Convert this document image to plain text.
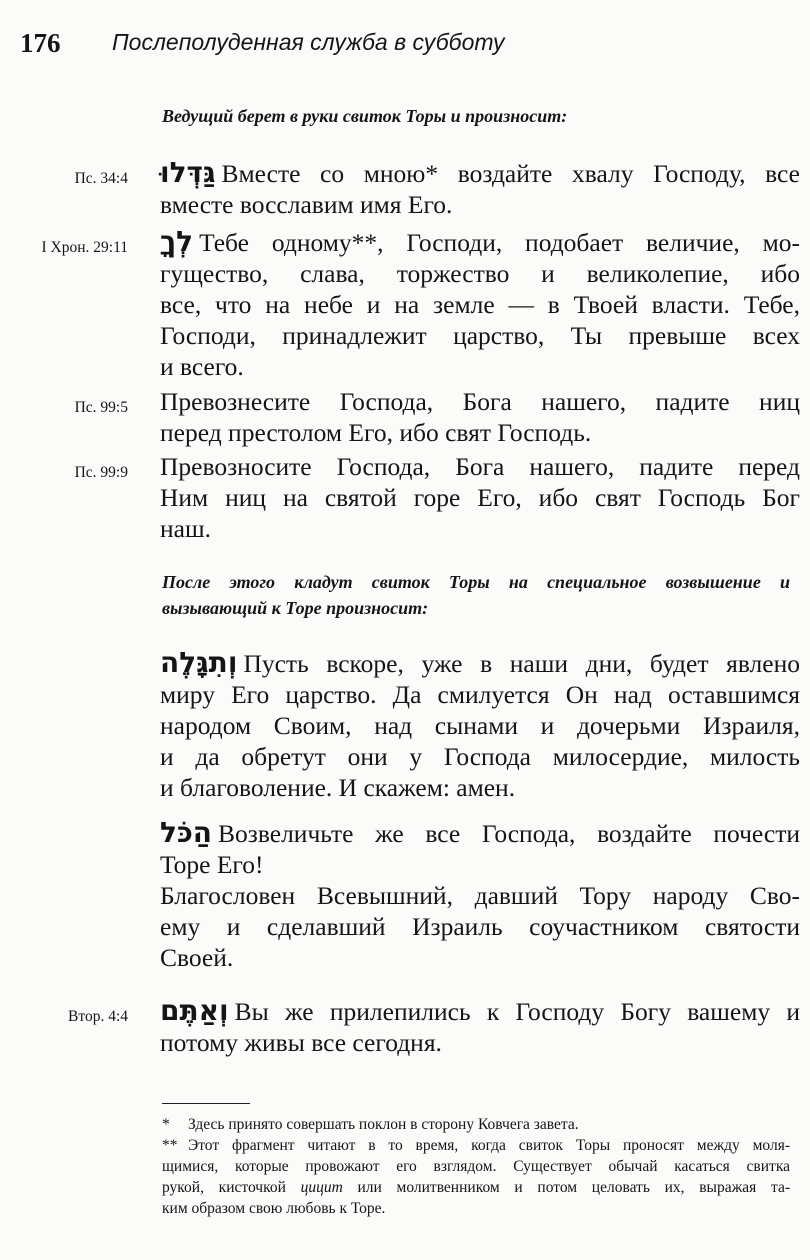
176 Послеполуденная служба в субботу
Ведущий берет в руки свиток Торы и произносит:
Пс. 34:4 גַּדְּלוּ Вместе со мною* воздайте хвалу Господу, все
вместе восславим имя Его.
I Хрон. 29:11 לְךָ Тебе одному**, Господи, подобает величие, мо-
гущество, слава, торжество и великолепие, ибо
все, что на небе и на земле — в Твоей власти. Тебе,
Господи, принадлежит царство, Ты превыше всех
и всего.
Пс. 99:5 Превознесите Господа, Бога нашего, падите ниц
перед престолом Его, ибо свят Господь.
Пс. 99:9 Превозносите Господа, Бога нашего, падите перед
Ним ниц на святой горе Его, ибо свят Господь Бог
наш.
После этого кладут свиток Торы на специальное возвышение и
вызывающий к Торе произносит:
וְתִגָּלֶה Пусть вскоре, уже в наши дни, будет явлено
миру Его царство. Да смилуется Он над оставшимся
народом Своим, над сынами и дочерьми Израиля,
и да обретут они у Господа милосердие, милость
и благоволение. И скажем: амен.
הַכֹּל Возвеличьте же все Господа, воздайте почести
Торе Его!
Благословен Всевышний, давший Тору народу Сво-
ему и сделавший Израиль соучастником святости
Своей.
Втор. 4:4 וְאַתֶּם Вы же прилепились к Господу Богу вашему и
потому живы все сегодня.
* Здесь принято совершать поклон в сторону Ковчега завета.
** Этот фрагмент читают в то время, когда свиток Торы проносят между моля-
щимися, которые провожают его взглядом. Существует обычай касаться свитка
рукой, кисточкой цицит или молитвенником и потом целовать их, выражая та-
ким образом свою любовь к Торе.
